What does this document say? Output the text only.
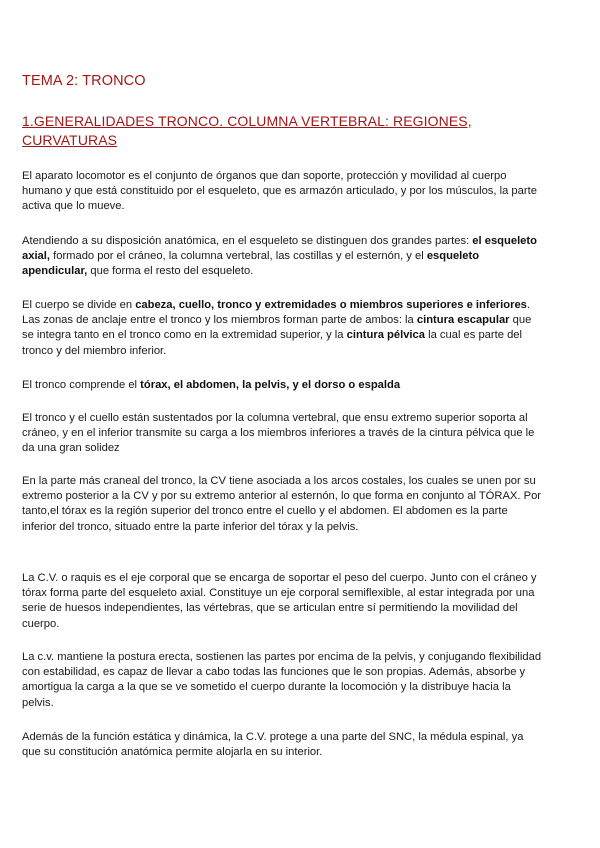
TEMA 2: TRONCO
1.GENERALIDADES TRONCO. COLUMNA VERTEBRAL: REGIONES, CURVATURAS

El aparato locomotor es el conjunto de órganos que dan soporte, protección y movilidad al cuerpo humano y que está constituido por el esqueleto, que es armazón articulado, y por los músculos, la parte activa que lo mueve.

Atendiendo a su disposición anatómica, en el esqueleto se distinguen dos grandes partes: el esqueleto axial, formado por el cráneo, la columna vertebral, las costillas y el esternón, y el esqueleto apendicular, que forma el resto del esqueleto.

El cuerpo se divide en cabeza, cuello, tronco y extremidades o miembros superiores e inferiores. Las zonas de anclaje entre el tronco y los miembros forman parte de ambos: la cintura escapular que se integra tanto en el tronco como en la extremidad superior, y la cintura pélvica la cual es parte del tronco y del miembro inferior.

El tronco comprende el tórax, el abdomen, la pelvis, y el dorso o espalda

El tronco y el cuello están sustentados por la columna vertebral, que ensu extremo superior soporta al cráneo, y en el inferior transmite su carga a los miembros inferiores a través de la cintura pélvica que le da una gran solidez

En la parte más craneal del tronco, la CV tiene asociada a los arcos costales, los cuales se unen por su extremo posterior a la CV y por su extremo anterior al esternón, lo que forma en conjunto al TÓRAX. Por tanto,el tórax es la región superior del tronco entre el cuello y el abdomen. El abdomen es la parte inferior del tronco, situado entre la parte inferior del tórax y la pelvis.

La C.V. o raquis es el eje corporal que se encarga de soportar el peso del cuerpo. Junto con el cráneo y tórax forma parte del esqueleto axial. Constituye un eje corporal semiflexible, al estar integrada por una serie de huesos independientes, las vértebras, que se articulan entre sí permitiendo la movilidad del cuerpo.

La c.v. mantiene la postura erecta, sostienen las partes por encima de la pelvis, y conjugando flexibilidad con estabilidad, es capaz de llevar a cabo todas las funciones que le son propias. Además, absorbe y amortigua la carga a la que se ve sometido el cuerpo durante la locomoción y la distribuye hacia la pelvis.

Además de la función estática y dinámica, la C.V. protege a una parte del SNC, la médula espinal, ya que su constitución anatómica permite alojarla en su interior.
